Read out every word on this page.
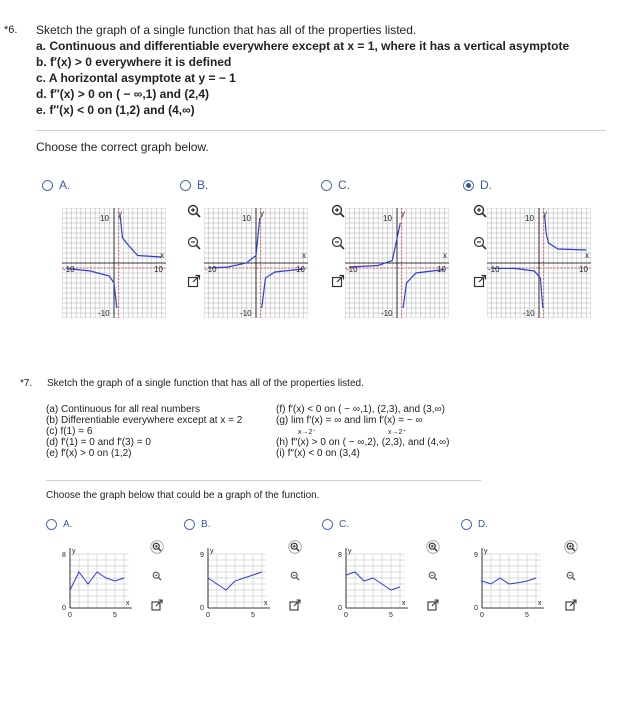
*6. Sketch the graph of a single function that has all of the properties listed.
a. Continuous and differentiable everywhere except at x = 1, where it has a vertical asymptote
b. f′(x) > 0 everywhere it is defined
c. A horizontal asymptote at y = − 1
d. f″(x) > 0 on ( − ∞,1) and (2,4)
e. f″(x) < 0 on (1,2) and (4,∞)
Choose the correct graph below.
A.	B.	C.	D.
y
x
10
-10	10
-10
y
x
10
-10	10
-10
y
x
10
-10	10
-10
y
x
10
-10	10
-10
*7. Sketch the graph of a single function that has all of the properties listed.
(a) Continuous for all real numbers
(b) Differentiable everywhere except at x = 2
(c) f(1) = 6
(d) f′(1) = 0 and f′(3) = 0
(e) f′(x) > 0 on (1,2)
(f) f′(x) < 0 on ( − ∞,1), (2,3), and (3,∞)
(g) lim f′(x) = ∞ and lim f′(x) = − ∞
x→2⁻	x→2⁺
(h) f″(x) > 0 on ( − ∞,2), (2,3), and (4,∞)
(i) f″(x) < 0 on (3,4)
Choose the graph below that could be a graph of the function.
A.	B.	C.	D.
y
8
0
0	5
x
y
9
0
0	5
x
y
8
0
0	5
x
y
9
0
0	5
x
